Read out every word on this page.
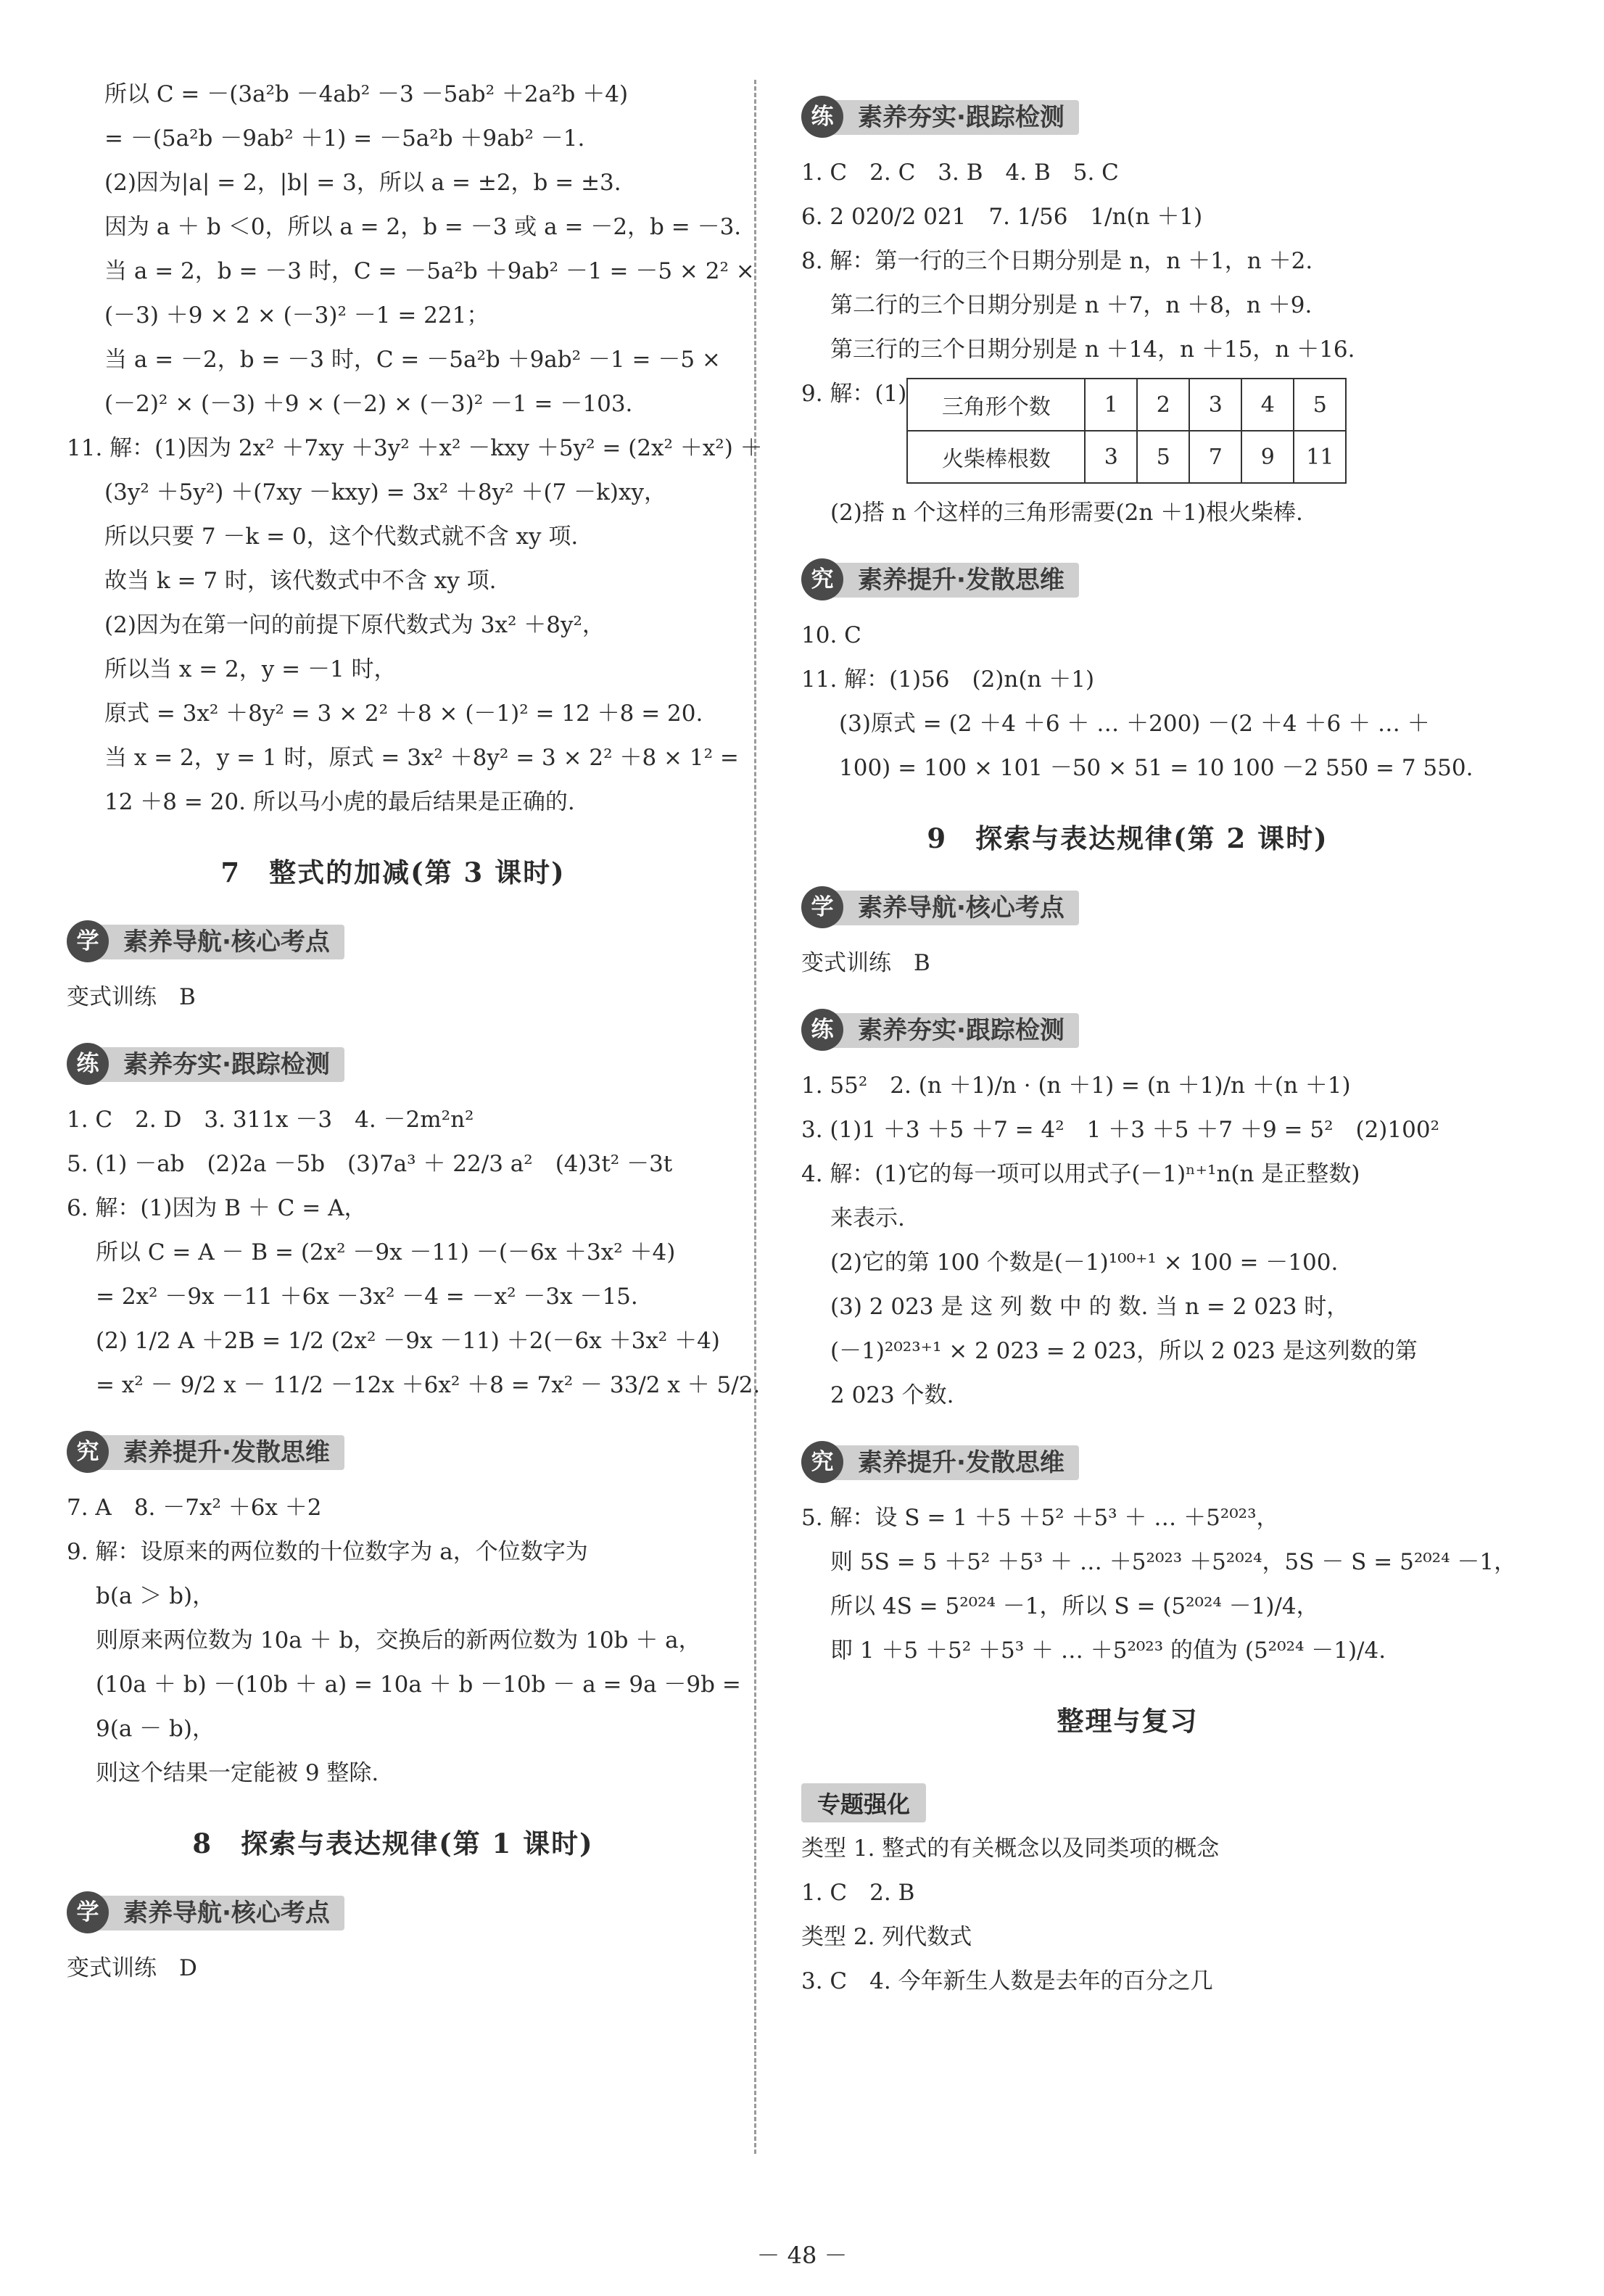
所以 C = －(3a²b －4ab² －3 －5ab² ＋2a²b ＋4)
= －(5a²b －9ab² ＋1) = －5a²b ＋9ab² －1.
(2)因为|a| = 2，|b| = 3，所以 a = ±2，b = ±3.
因为 a ＋ b ＜0，所以 a = 2，b = －3 或 a = －2，b = －3.
当 a = 2，b = －3 时，C = －5a²b ＋9ab² －1 = －5 × 2² ×
(－3) ＋9 × 2 × (－3)² －1 = 221；
当 a = －2，b = －3 时，C = －5a²b ＋9ab² －1 = －5 ×
(－2)² × (－3) ＋9 × (－2) × (－3)² －1 = －103.
11. 解：(1)因为 2x² ＋7xy ＋3y² ＋x² －kxy ＋5y² = (2x² ＋x²) ＋
(3y² ＋5y²) ＋(7xy －kxy) = 3x² ＋8y² ＋(7 －k)xy，
所以只要 7 －k = 0，这个代数式就不含 xy 项.
故当 k = 7 时，该代数式中不含 xy 项.
(2)因为在第一问的前提下原代数式为 3x² ＋8y²，
所以当 x = 2，y = －1 时，
原式 = 3x² ＋8y² = 3 × 2² ＋8 × (－1)² = 12 ＋8 = 20.
当 x = 2，y = 1 时，原式 = 3x² ＋8y² = 3 × 2² ＋8 × 1² =
12 ＋8 = 20. 所以马小虎的最后结果是正确的.
7　整式的加减(第 3 课时)
素养导航·核心考点
学
变式训练　B
素养夯实·跟踪检测
练
1. C　2. D　3. 311x －3　4. －2m²n²
5. (1) －ab　(2)2a －5b　(3)7a³ ＋ 22/3 a²　(4)3t² －3t
6. 解：(1)因为 B ＋ C = A，
所以 C = A － B = (2x² －9x －11) －(－6x ＋3x² ＋4)
= 2x² －9x －11 ＋6x －3x² －4 = －x² －3x －15.
(2) 1/2 A ＋2B = 1/2 (2x² －9x －11) ＋2(－6x ＋3x² ＋4)
= x² － 9/2 x － 11/2 －12x ＋6x² ＋8 = 7x² － 33/2 x ＋ 5/2.
素养提升·发散思维
究
7. A　8. －7x² ＋6x ＋2
9. 解：设原来的两位数的十位数字为 a，个位数字为
b(a ＞ b)，
则原来两位数为 10a ＋ b，交换后的新两位数为 10b ＋ a，
(10a ＋ b) －(10b ＋ a) = 10a ＋ b －10b － a = 9a －9b =
9(a － b)，
则这个结果一定能被 9 整除.
8　探索与表达规律(第 1 课时)
素养导航·核心考点
学
变式训练　D
素养夯实·跟踪检测
练
1. C　2. C　3. B　4. B　5. C
6. 2 020/2 021　7. 1/56　1/n(n ＋1)
8. 解：第一行的三个日期分别是 n，n ＋1，n ＋2.
第二行的三个日期分别是 n ＋7，n ＋8，n ＋9.
第三行的三个日期分别是 n ＋14，n ＋15，n ＋16.
9. 解：(1)
三角形个数	1	2	3	4	5
火柴棒根数	3	5	7	9	11
(2)搭 n 个这样的三角形需要(2n ＋1)根火柴棒.
素养提升·发散思维
究
10. C
11. 解：(1)56　(2)n(n ＋1)
(3)原式 = (2 ＋4 ＋6 ＋ … ＋200) －(2 ＋4 ＋6 ＋ … ＋
100) = 100 × 101 －50 × 51 = 10 100 －2 550 = 7 550.
9　探索与表达规律(第 2 课时)
素养导航·核心考点
学
变式训练　B
素养夯实·跟踪检测
练
1. 55²　2. (n ＋1)/n · (n ＋1) = (n ＋1)/n ＋(n ＋1)
3. (1)1 ＋3 ＋5 ＋7 = 4²　1 ＋3 ＋5 ＋7 ＋9 = 5²　(2)100²
4. 解：(1)它的每一项可以用式子(－1)ⁿ⁺¹n(n 是正整数)
来表示.
(2)它的第 100 个数是(－1)¹⁰⁰⁺¹ × 100 = －100.
(3) 2 023 是 这 列 数 中 的 数. 当 n = 2 023 时，
(－1)²⁰²³⁺¹ × 2 023 = 2 023，所以 2 023 是这列数的第
2 023 个数.
素养提升·发散思维
究
5. 解：设 S = 1 ＋5 ＋5² ＋5³ ＋ … ＋5²⁰²³，
则 5S = 5 ＋5² ＋5³ ＋ … ＋5²⁰²³ ＋5²⁰²⁴，5S － S = 5²⁰²⁴ －1，
所以 4S = 5²⁰²⁴ －1，所以 S = (5²⁰²⁴ －1)/4，
即 1 ＋5 ＋5² ＋5³ ＋ … ＋5²⁰²³ 的值为 (5²⁰²⁴ －1)/4.
整理与复习
专题强化
类型 1. 整式的有关概念以及同类项的概念
1. C　2. B
类型 2. 列代数式
3. C　4. 今年新生人数是去年的百分之几
－ 48 －
